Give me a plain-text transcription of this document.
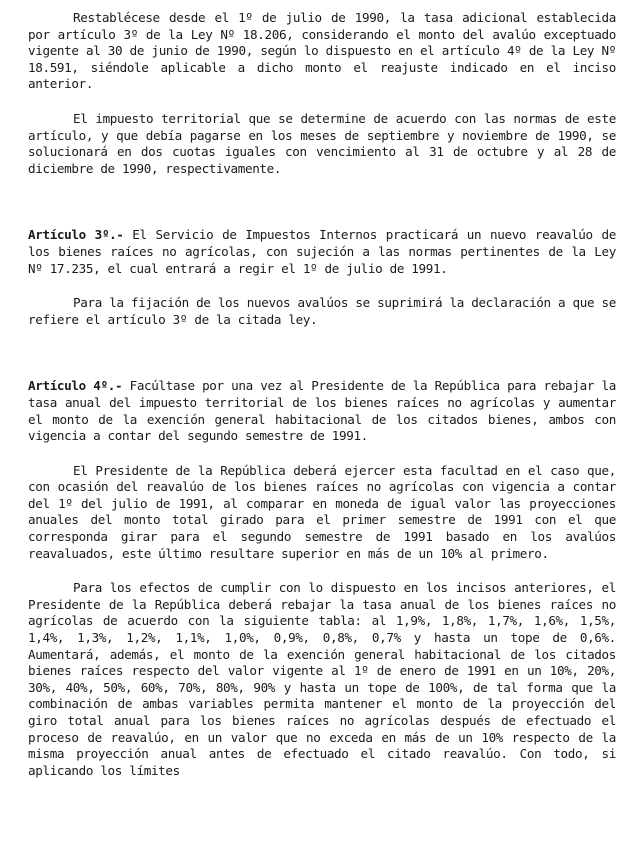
Restablécese desde el 1º de julio de 1990, la tasa adicional establecida por artículo 3º de la Ley Nº 18.206, considerando el monto del avalúo exceptuado vigente al 30 de junio de 1990, según lo dispuesto en el artículo 4º de la Ley Nº 18.591, siéndole aplicable a dicho monto el reajuste indicado en el inciso anterior.

El impuesto territorial que se determine de acuerdo con las normas de este artículo, y que debía pagarse en los meses de septiembre y noviembre de 1990, se solucionará en dos cuotas iguales con vencimiento al 31 de octubre y al 28 de diciembre de 1990, respectivamente.

Artículo 3º.- El Servicio de Impuestos Internos practicará un nuevo reavalúo de los bienes raíces no agrícolas, con sujeción a las normas pertinentes de la Ley Nº 17.235, el cual entrará a regir el 1º de julio de 1991.

Para la fijación de los nuevos avalúos se suprimirá la declaración a que se refiere el artículo 3º de la citada ley.

Artículo 4º.- Facúltase por una vez al Presidente de la República para rebajar la tasa anual del impuesto territorial de los bienes raíces no agrícolas y aumentar el monto de la exención general habitacional de los citados bienes, ambos con vigencia a contar del segundo semestre de 1991.

El Presidente de la República deberá ejercer esta facultad en el caso que, con ocasión del reavalúo de los bienes raíces no agrícolas con vigencia a contar del 1º del julio de 1991, al comparar en moneda de igual valor las proyecciones anuales del monto total girado para el primer semestre de 1991 con el que corresponda girar para el segundo semestre de 1991 basado en los avalúos reavaluados, este último resultare superior en más de un 10% al primero.

Para los efectos de cumplir con lo dispuesto en los incisos anteriores, el Presidente de la República deberá rebajar la tasa anual de los bienes raíces no agrícolas de acuerdo con la siguiente tabla: al 1,9%, 1,8%, 1,7%, 1,6%, 1,5%, 1,4%, 1,3%, 1,2%, 1,1%, 1,0%, 0,9%, 0,8%, 0,7% y hasta un tope de 0,6%. Aumentará, además, el monto de la exención general habitacional de los citados bienes raíces respecto del valor vigente al 1º de enero de 1991 en un 10%, 20%, 30%, 40%, 50%, 60%, 70%, 80%, 90% y hasta un tope de 100%, de tal forma que la combinación de ambas variables permita mantener el monto de la proyección del giro total anual para los bienes raíces no agrícolas después de efectuado el proceso de reavalúo, en un valor que no exceda en más de un 10% respecto de la misma proyección anual antes de efectuado el citado reavalúo. Con todo, si aplicando los límites
